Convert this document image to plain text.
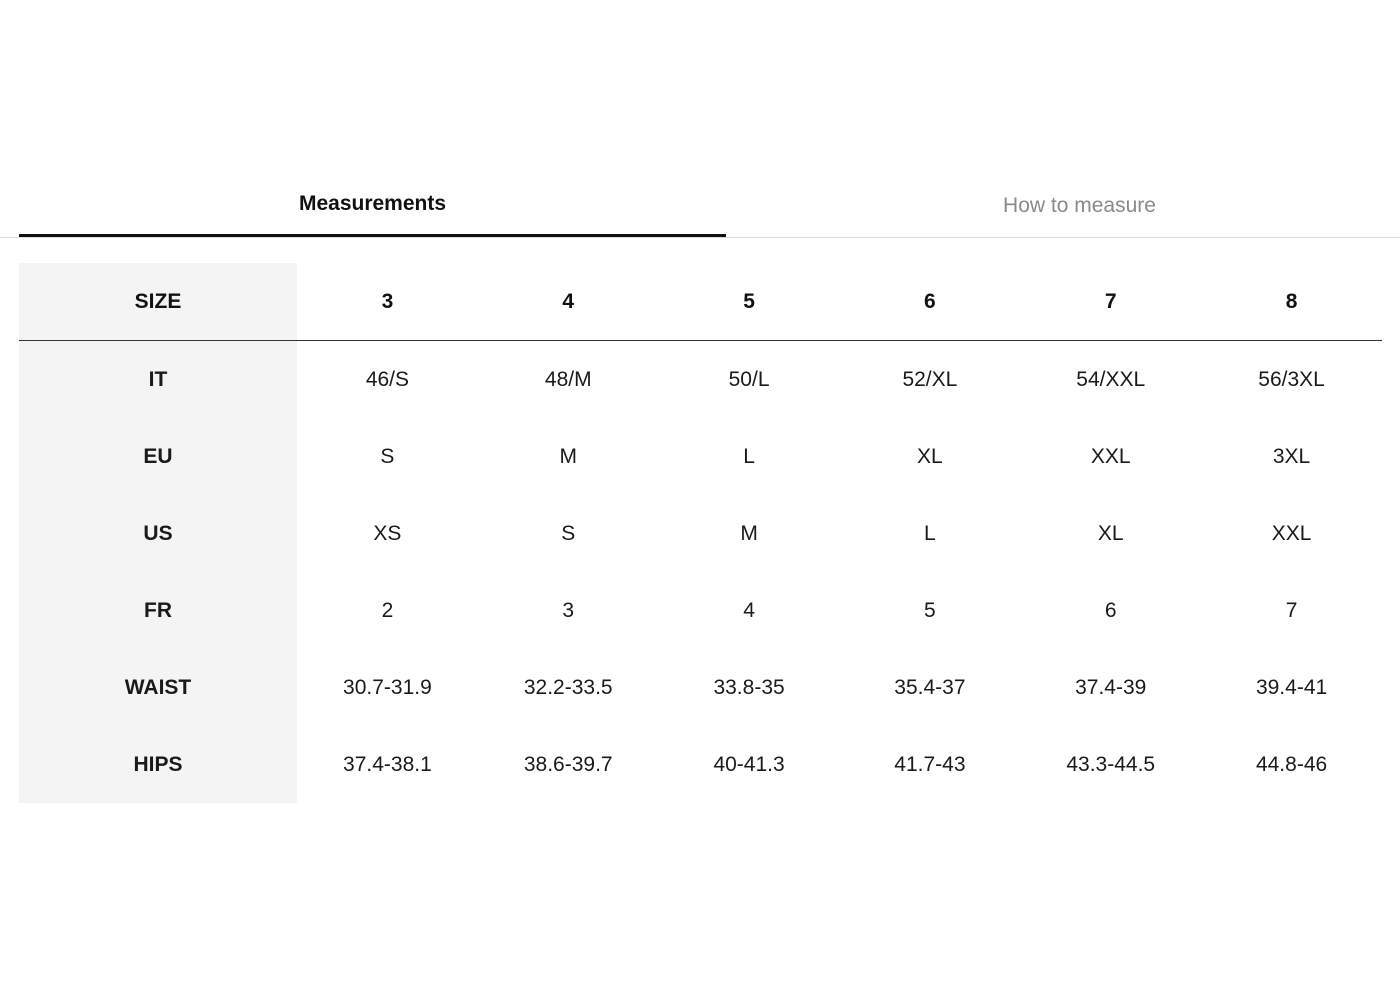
Measurements	How to measure
SIZE	3	4	5	6	7	8
IT	46/S	48/M	50/L	52/XL	54/XXL	56/3XL
EU	S	M	L	XL	XXL	3XL
US	XS	S	M	L	XL	XXL
FR	2	3	4	5	6	7
WAIST	30.7-31.9	32.2-33.5	33.8-35	35.4-37	37.4-39	39.4-41
HIPS	37.4-38.1	38.6-39.7	40-41.3	41.7-43	43.3-44.5	44.8-46
